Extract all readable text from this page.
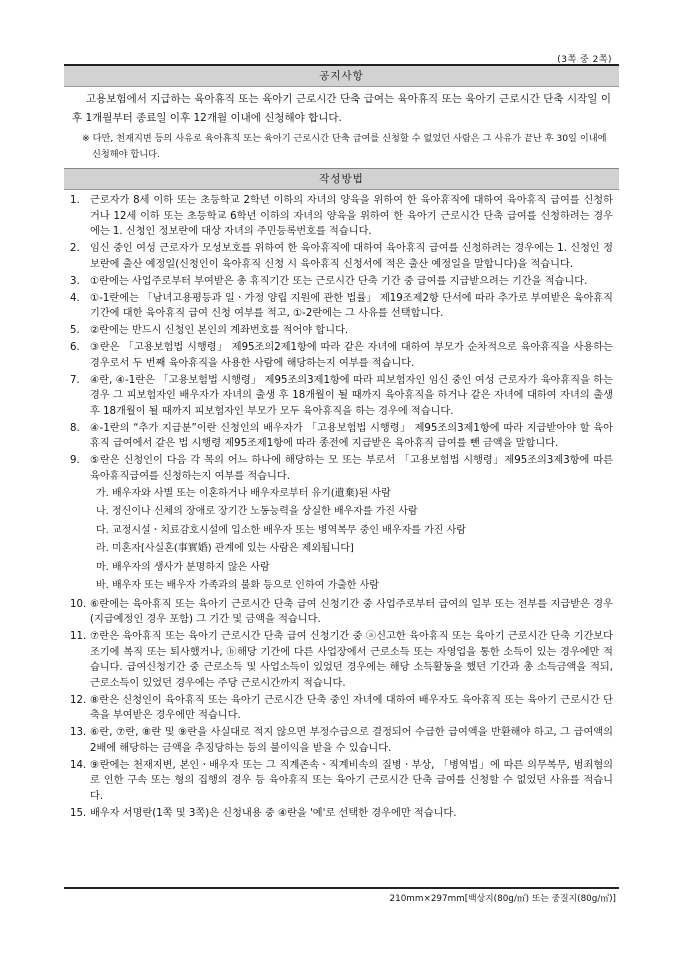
(3쪽 중 2쪽)
공지사항
고용보험에서 지급하는 육아휴직 또는 육아기 근로시간 단축 급여는 육아휴직 또는 육아기 근로시간 단축 시작일 이후 1개월부터 종료일 이후 12개월 이내에 신청해야 합니다.
※ 다만, 천재지변 등의 사유로 육아휴직 또는 육아기 근로시간 단축 급여를 신청할 수 없었던 사람은 그 사유가 끝난 후 30일 이내에 신청해야 합니다.
작성방법
1.	근로자가 8세 이하 또는 초등학교 2학년 이하의 자녀의 양육을 위하여 한 육아휴직에 대하여 육아휴직 급여를 신청하거나 12세 이하 또는 초등학교 6학년 이하의 자녀의 양육을 위하여 한 육아기 근로시간 단축 급여를 신청하려는 경우에는 1. 신청인 정보란에 대상 자녀의 주민등록번호를 적습니다.
2.	임신 중인 여성 근로자가 모성보호를 위하여 한 육아휴직에 대하여 육아휴직 급여를 신청하려는 경우에는 1. 신청인 정보란에 출산 예정일(신청인이 육아휴직 신청 시 육아휴직 신청서에 적은 출산 예정일을 말합니다)을 적습니다.
3.	①란에는 사업주로부터 부여받은 총 휴직기간 또는 근로시간 단축 기간 중 급여를 지급받으려는 기간을 적습니다.
4.	①-1란에는 「남녀고용평등과 일ㆍ가정 양립 지원에 관한 법률」 제19조제2항 단서에 따라 추가로 부여받은 육아휴직 기간에 대한 육아휴직 급여 신청 여부를 적고, ①-2란에는 그 사유를 선택합니다.
5.	②란에는 반드시 신청인 본인의 계좌번호를 적어야 합니다.
6.	③란은 「고용보험법 시행령」 제95조의2제1항에 따라 같은 자녀에 대하여 부모가 순차적으로 육아휴직을 사용하는 경우로서 두 번째 육아휴직을 사용한 사람에 해당하는지 여부를 적습니다.
7.	④란, ④-1란은 「고용보험법 시행령」 제95조의3제1항에 따라 피보험자인 임신 중인 여성 근로자가 육아휴직을 하는 경우 그 피보험자인 배우자가 자녀의 출생 후 18개월이 될 때까지 육아휴직을 하거나 같은 자녀에 대하여 자녀의 출생 후 18개월이 될 때까지 피보험자인 부모가 모두 육아휴직을 하는 경우에 적습니다.
8.	④-1란의 “추가 지급분”이란 신청인의 배우자가 「고용보험법 시행령」 제95조의3제1항에 따라 지급받아야 할 육아휴직 급여에서 같은 법 시행령 제95조제1항에 따라 종전에 지급받은 육아휴직 급여를 뺀 금액을 말합니다.
9.	⑤란은 신청인이 다음 각 목의 어느 하나에 해당하는 모 또는 부로서 「고용보험법 시행령」제95조의3제3항에 따른 육아휴직급여를 신청하는지 여부를 적습니다.
가. 배우자와 사별 또는 이혼하거나 배우자로부터 유기(遺棄)된 사람
나. 정신이나 신체의 장애로 장기간 노동능력을 상실한 배우자를 가진 사람
다. 교정시설ㆍ치료감호시설에 입소한 배우자 또는 병역복무 중인 배우자를 가진 사람
라. 미혼자[사실혼(事實婚) 관계에 있는 사람은 제외됩니다]
마. 배우자의 생사가 분명하지 않은 사람
바. 배우자 또는 배우자 가족과의 불화 등으로 인하여 가출한 사람
10. ⑥란에는 육아휴직 또는 육아기 근로시간 단축 급여 신청기간 중 사업주로부터 급여의 일부 또는 전부를 지급받은 경우(지급예정인 경우 포함) 그 기간 및 금액을 적습니다.
11. ⑦란은 육아휴직 또는 육아기 근로시간 단축 급여 신청기간 중 ⓐ신고한 육아휴직 또는 육아기 근로시간 단축 기간보다 조기에 복직 또는 퇴사했거나, ⓑ해당 기간에 다른 사업장에서 근로소득 또는 자영업을 통한 소득이 있는 경우에만 적습니다. 급여신청기간 중 근로소득 및 사업소득이 있었던 경우에는 해당 소득활동을 했던 기간과 총 소득금액을 적되, 근로소득이 있었던 경우에는 주당 근로시간까지 적습니다.
12. ⑧란은 신청인이 육아휴직 또는 육아기 근로시간 단축 중인 자녀에 대하여 배우자도 육아휴직 또는 육아기 근로시간 단축을 부여받은 경우에만 적습니다.
13. ⑥란, ⑦란, ⑧란 및 ⑨란을 사실대로 적지 않으면 부정수급으로 결정되어 수급한 급여액을 반환해야 하고, 그 급여액의 2배에 해당하는 금액을 추징당하는 등의 불이익을 받을 수 있습니다.
14. ⑨란에는 천재지변, 본인ㆍ배우자 또는 그 직계존속ㆍ직계비속의 질병ㆍ부상, 「병역법」에 따른 의무복무, 범죄혐의로 인한 구속 또는 형의 집행의 경우 등 육아휴직 또는 육아기 근로시간 단축 급여를 신청할 수 없었던 사유를 적습니다.
15. 배우자 서명란(1쪽 및 3쪽)은 신청내용 중 ④란을 '예'로 선택한 경우에만 적습니다.
210mm×297mm[백상지(80g/㎡) 또는 중질지(80g/㎡)]
